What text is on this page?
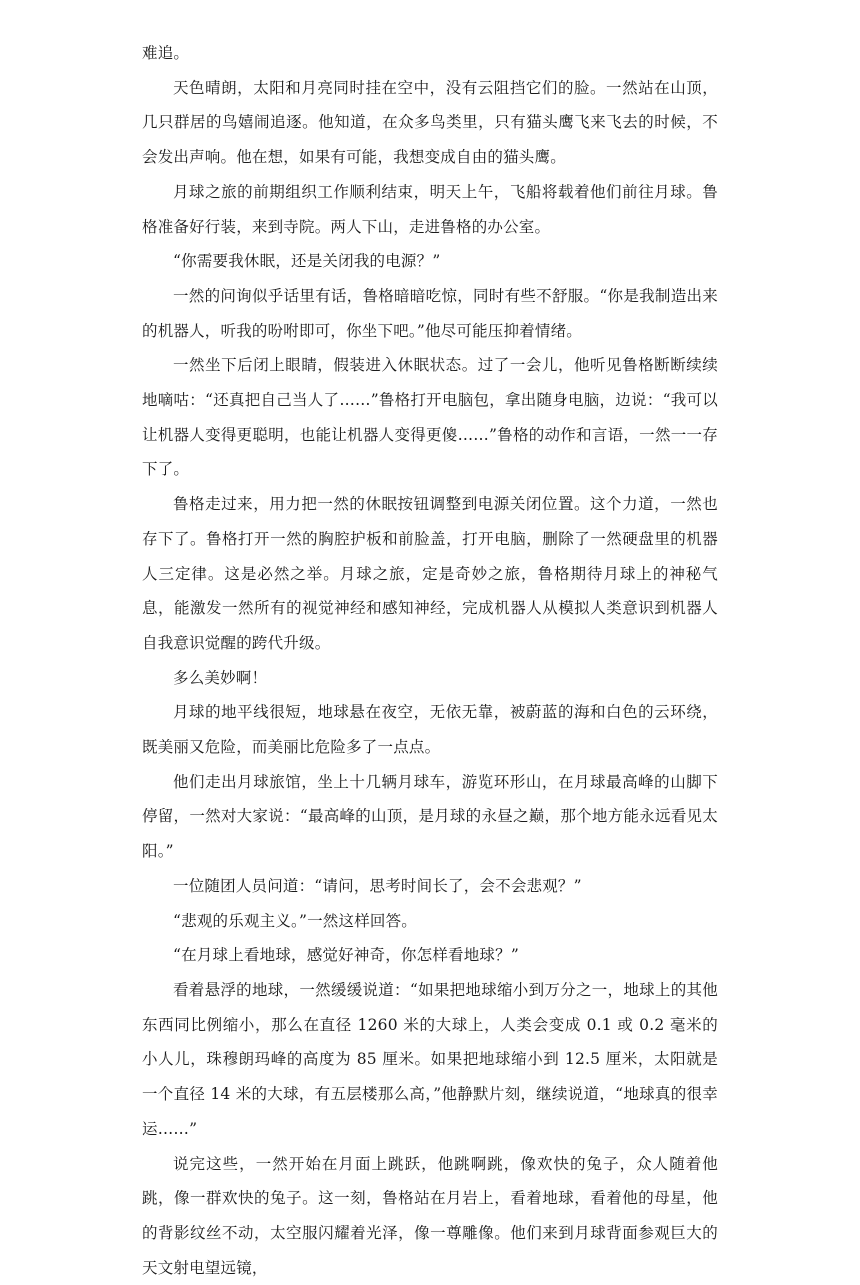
难追。

天色晴朗，太阳和月亮同时挂在空中，没有云阻挡它们的脸。一然站在山顶，几只群居的鸟嬉闹追逐。他知道，在众多鸟类里，只有猫头鹰飞来飞去的时候，不会发出声响。他在想，如果有可能，我想变成自由的猫头鹰。

月球之旅的前期组织工作顺利结束，明天上午，飞船将载着他们前往月球。鲁格准备好行装，来到寺院。两人下山，走进鲁格的办公室。

“你需要我休眠，还是关闭我的电源？”

一然的问询似乎话里有话，鲁格暗暗吃惊，同时有些不舒服。“你是我制造出来的机器人，听我的吩咐即可，你坐下吧。”他尽可能压抑着情绪。

一然坐下后闭上眼睛，假装进入休眠状态。过了一会儿，他听见鲁格断断续续地嘀咕：“还真把自己当人了……”鲁格打开电脑包，拿出随身电脑，边说：“我可以让机器人变得更聪明，也能让机器人变得更傻……”鲁格的动作和言语，一然一一存下了。

鲁格走过来，用力把一然的休眠按钮调整到电源关闭位置。这个力道，一然也存下了。鲁格打开一然的胸腔护板和前脸盖，打开电脑，删除了一然硬盘里的机器人三定律。这是必然之举。月球之旅，定是奇妙之旅，鲁格期待月球上的神秘气息，能激发一然所有的视觉神经和感知神经，完成机器人从模拟人类意识到机器人自我意识觉醒的跨代升级。

多么美妙啊！

月球的地平线很短，地球悬在夜空，无依无靠，被蔚蓝的海和白色的云环绕，既美丽又危险，而美丽比危险多了一点点。

他们走出月球旅馆，坐上十几辆月球车，游览环形山，在月球最高峰的山脚下停留，一然对大家说：“最高峰的山顶，是月球的永昼之巅，那个地方能永远看见太阳。”

一位随团人员问道：“请问，思考时间长了，会不会悲观？”

“悲观的乐观主义。”一然这样回答。

“在月球上看地球，感觉好神奇，你怎样看地球？”

看着悬浮的地球，一然缓缓说道：“如果把地球缩小到万分之一，地球上的其他东西同比例缩小，那么在直径 1260 米的大球上，人类会变成 0.1 或 0.2 毫米的小人儿，珠穆朗玛峰的高度为 85 厘米。如果把地球缩小到 12.5 厘米，太阳就是一个直径 14 米的大球，有五层楼那么高，”他静默片刻，继续说道，“地球真的很幸运……”

说完这些，一然开始在月面上跳跃，他跳啊跳，像欢快的兔子，众人随着他跳，像一群欢快的兔子。这一刻，鲁格站在月岩上，看着地球，看着他的母星，他的背影纹丝不动，太空服闪耀着光泽，像一尊雕像。他们来到月球背面参观巨大的天文射电望远镜，
